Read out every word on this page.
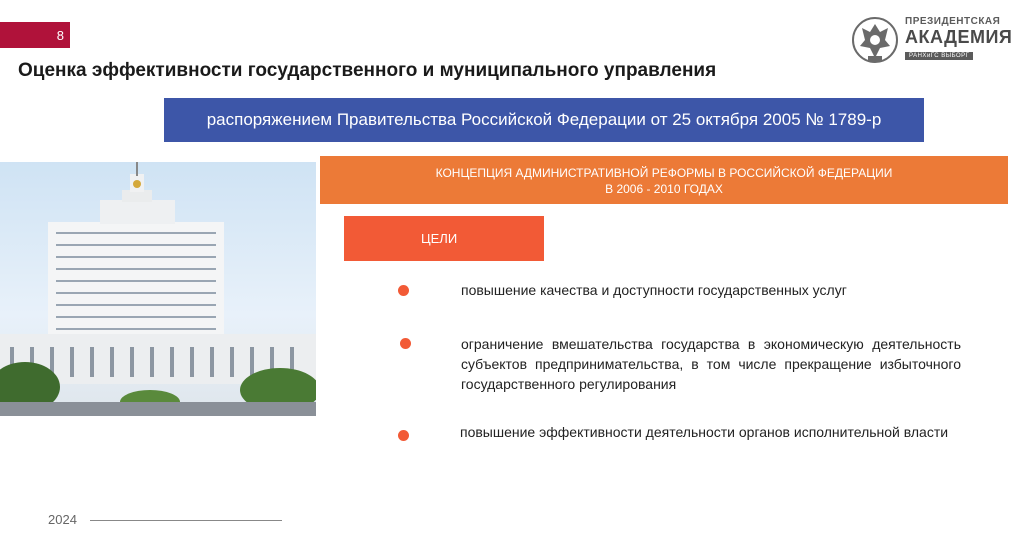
8
ПРЕЗИДЕНТСКАЯ
АКАДЕМИЯ
РАНХиГС ВЫБОРГ
Оценка эффективности государственного и муниципального управления
распоряжением Правительства Российской Федерации от 25 октября 2005 № 1789-р
КОНЦЕПЦИЯ АДМИНИСТРАТИВНОЙ РЕФОРМЫ В РОССИЙСКОЙ ФЕДЕРАЦИИ
В 2006 - 2010 ГОДАХ
ЦЕЛИ
повышение качества и доступности государственных услуг
ограничение вмешательства государства в экономическую деятельность субъектов предпринимательства, в том числе прекращение избыточного государственного регулирования
повышение эффективности деятельности органов исполнительной власти
2024
